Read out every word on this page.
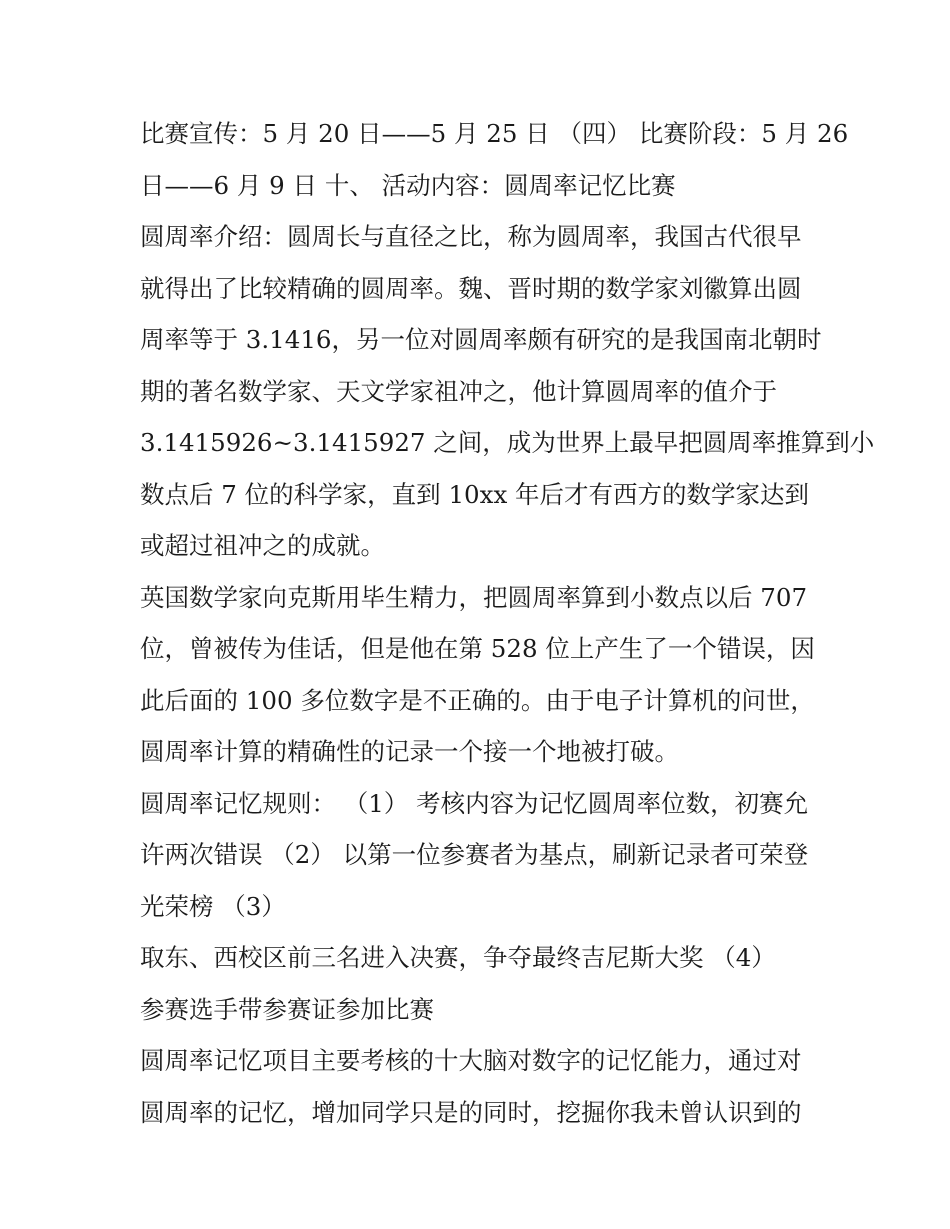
比赛宣传：5 月 20 日——5 月 25 日 （四） 比赛阶段：5 月 26
日——6 月 9 日 十、 活动内容：圆周率记忆比赛
圆周率介绍：圆周长与直径之比，称为圆周率，我国古代很早
就得出了比较精确的圆周率。魏、晋时期的数学家刘徽算出圆
周率等于 3.1416，另一位对圆周率颇有研究的是我国南北朝时
期的著名数学家、天文学家祖冲之，他计算圆周率的值介于
3.1415926~3.1415927 之间，成为世界上最早把圆周率推算到小
数点后 7 位的科学家，直到 10xx 年后才有西方的数学家达到
或超过祖冲之的成就。
英国数学家向克斯用毕生精力，把圆周率算到小数点以后 707
位，曾被传为佳话，但是他在第 528 位上产生了一个错误，因
此后面的 100 多位数字是不正确的。由于电子计算机的问世，
圆周率计算的精确性的记录一个接一个地被打破。
圆周率记忆规则： （1） 考核内容为记忆圆周率位数，初赛允
许两次错误 （2） 以第一位参赛者为基点，刷新记录者可荣登
光荣榜 （3）
取东、西校区前三名进入决赛，争夺最终吉尼斯大奖 （4）
参赛选手带参赛证参加比赛
圆周率记忆项目主要考核的十大脑对数字的记忆能力，通过对
圆周率的记忆，增加同学只是的同时，挖掘你我未曾认识到的
